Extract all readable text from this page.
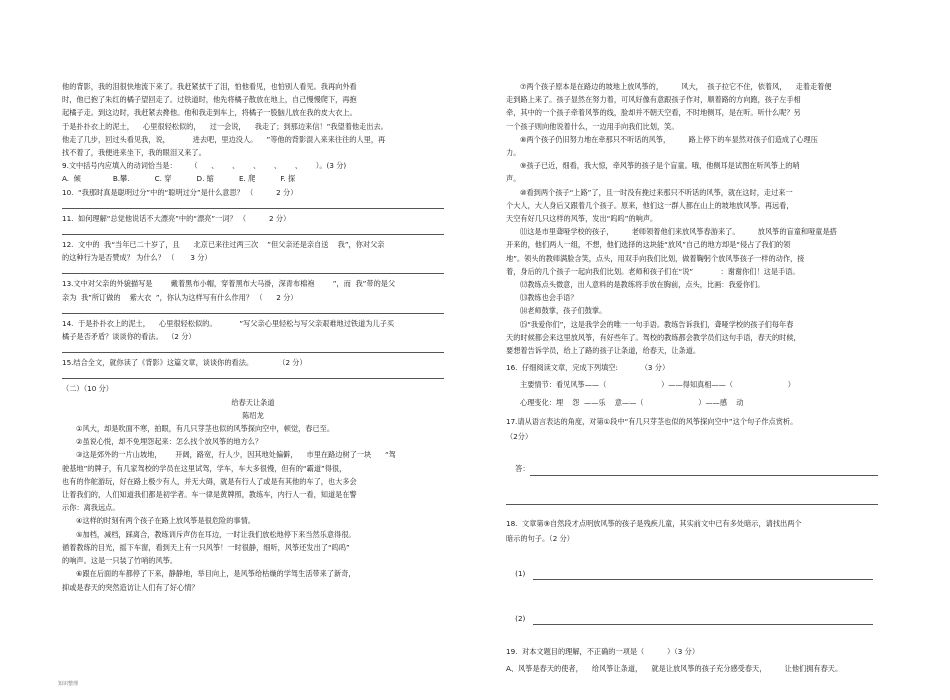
他的背影，我的泪很快地流下来了。我赶紧拭干了泪，怕他看见，也怕别人看见。我再向外看
时，他已抱了朱红的橘子望回走了。过铁道时，他先将橘子散放在地上，自己慢慢爬下，再抱
起橘子走。到这边时，我赶紧去搀他。他和我走到车上，将橘子一股脑儿放在我的皮大衣上。
于是扑扑衣上的泥土，    心里很轻松似的，    过一会说，    我走了；到那边来信！”我望着他走出去。
他走了几步，回过头看见我，说，          进去吧，里边没人。    ”等他的背影混入来来往往的人里，再
找不着了，我便进来坐下，我的眼泪又来了。
9.文中括号内应填入的动词恰当是：      （      、      、      、      、      、      ）。(3 分)
A.  倾              B.攀.           C. 穿           D. 缩           E. 爬           F. 探
10.  “我那时真是聪明过分”中的“聪明过分”是什么意思？ （          2 分）
11.  如何理解“总觉他说话不大漂亮”中的“漂亮”一词？ （          2 分）
12.  文中的  我“当年已二十岁了，且      北京已来往过两三次    ”但父亲还是亲自送    我”，你对父亲
的这种行为是否赞成？ 为什么？ （       3 分）
13.文中对父亲的外貌描写是        戴着黑布小帽，穿着黑布大马褂，深青布棉袍        ”，而  我”带的是父
亲为  我”所订做的    紫大衣  ”，你认为这样写有什么作用？ （      2 分）
14.  于是扑扑衣上的泥土，    心里很轻松似的。          ”写父亲心里轻松与写父亲艰难地过铁道为儿子买
橘子是否矛盾？谈谈你的看法。  （2 分）
15.结合全文，就你读了《背影》这篇文章，谈谈你的看法。           （2 分）
（二）（10 分）
给春天让条道
陈绍龙
①风大，却是吹面不寒，拍眼，有几只芽茎也似的风筝探向空中，顿觉，春已至。
②虽说心悦，却不免埋怨起来：怎么找个放风筝的地方么？
③这是郊外的一片山坡地，      开阔，路宽，行人少，因其地处偏僻，    市里在路边树了一块      “驾
驶基地”的牌子，有几家驾校的学员在这里试驾，学车，车大多很慢，但有的“霸道”得很，
也有的作舵游玩，好在路上极少有人，并无大碍，就是有行人了或是有其他的车了，也大多会
让着我们的，人们知道我们都是初学者。车一律是黄牌照，教练车，内行人一看，知道是在警
示你：离我远点。
④这样的时刻有两个孩子在路上放风筝是很危险的事情。
⑤加档，减档，踩离合，教练训斥声仿在耳边，一时让我们放松地停下来当然乐意得很。
循着教练的目光，摇下车窗，看到天上有一只风筝！一时很静，细听，风筝还发出了“呜呜”
的响声。这是一只装了竹哨的风筝。
⑥跟在后面的车都停了下来，静静地，举目向上，是风筝给枯燥的学驾生活带来了新奇，
抑或是春天的突然造访让人们有了好心情？
⑦两个孩子原本是在路边的坡地上放风筝的，        风大，  孩子拉它不住，依着风，    走着走着便
走到路上来了。孩子显然在努力着，可风好像有意跟孩子作对，顺着路的方向跑，孩子左手相
牵，其中的一个孩子牵着风筝的线，脸却并不朝天空看，不时地侧耳，是在听。听什么呢？另
一个孩子则向他说着什么，一边用手向我们比划，笑。
⑧两个孩子仍旧努力地在牵那只不听话的风筝，        路上停下的车显然对孩子们造成了心理压
力。
⑨孩子已近，细看，我大惊，牵风筝的孩子是个盲童。哦，他侧耳是试图在听风筝上的哨
声。
⑩看到两个孩子“上路”了，且一时没有挽过来那只不听话的风筝，就在这时，走过来一
个大人，大人身后又跟着几个孩子。原来，他们这一群人都在山上的坡地放风筝。再远看，
天空有好几只这样的风筝，发出“呜呜”的响声。
⑾这是市里聋哑学校的孩子，        老师领着他们来放风筝春游来了。        放风筝的盲童和哑童是搭
开来的，他们两人一组，不想，他们选择的这块能“放风”自己的地方却是“侵占了我们的领
地”。领头的教师满脸含笑，点头，用双手向我们比划，做着鞠躬个放风筝孩子一样的动作，接
着，身后的几个孩子一起向我们比划。老师和孩子们在“说”            ：谢谢你们！这是手语。
⑿教练点头微意，出人意料的是教练将手放在胸前，点头，比画：我爱你们。
⒀教练也会手语？
⒁老师鼓掌，孩子们鼓掌。
⒂“我爱你们”，这是我学会的唯一一句手语。教练告诉我们，聋哑学校的孩子们每年春
天的时候都会来这里放风筝，有好些年了。驾校的教练都会教学员们这句手语，春天的时候，
要想着告诉学员，给上了路的孩子让条道，给春天，让条道。
16.  仔细阅读文章，完成下列填空:          （3 分）
主要情节：看见风筝——（                        ）——得知真相——（                        ）
心理变化：埋    怨  ——乐    意——（                        ）——感    动
17.请从语言表达的角度，对第①段中“有几只芽茎也似的风筝探向空中”这个句子作点赏析。
（2分）

答：

18.  文章第⑨自然段才点明放风筝的孩子是残疾儿童，其实前文中已有多处暗示，请找出两个
暗示的句子。（2 分）

(1)

(2)

19.  对本文题目的理解，不正确的一项是（          ）（3 分）
A、风筝是春天的使者，    给风筝让条道，    就是让放风筝的孩子充分感受春天，        让他们拥有春天。
知识整理
